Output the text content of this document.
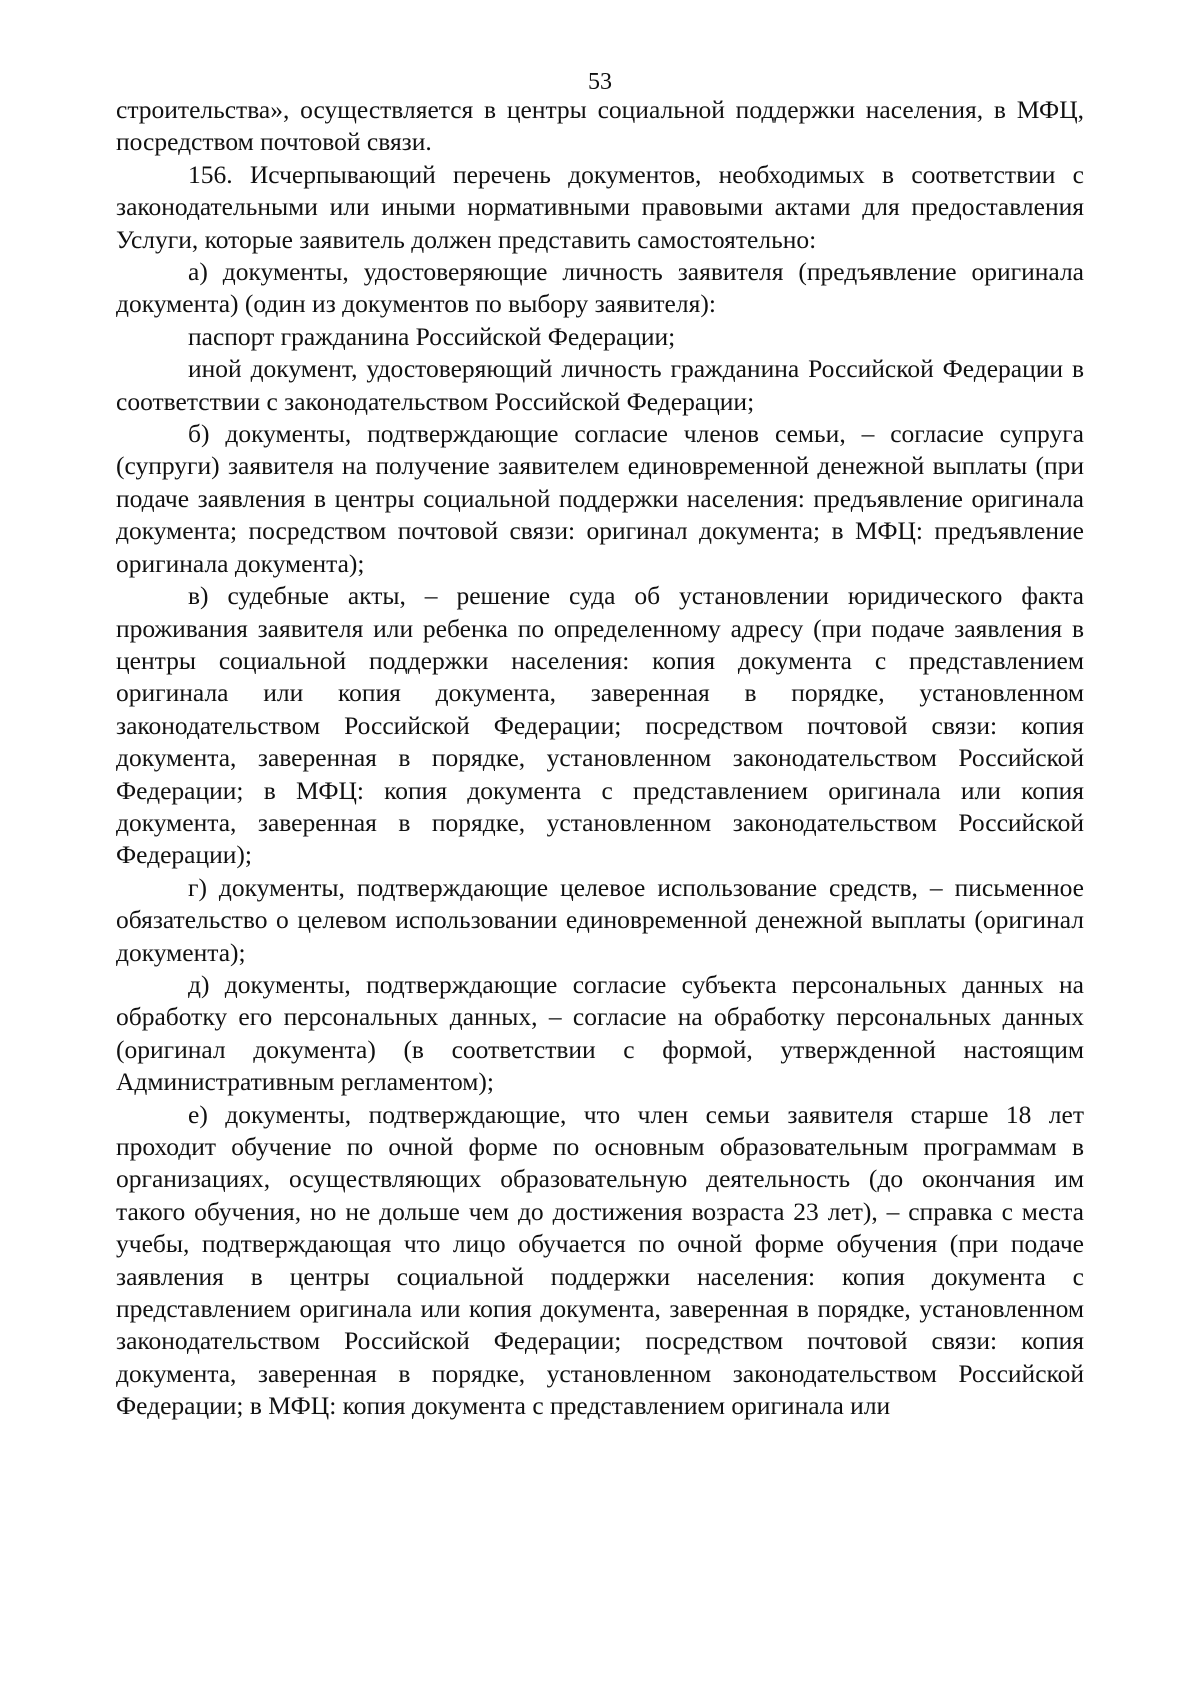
53

строительства», осуществляется в центры социальной поддержки населения, в МФЦ, посредством почтовой связи.

156. Исчерпывающий перечень документов, необходимых в соответствии с законодательными или иными нормативными правовыми актами для предоставления Услуги, которые заявитель должен представить самостоятельно:

а) документы, удостоверяющие личность заявителя (предъявление оригинала документа) (один из документов по выбору заявителя):

паспорт гражданина Российской Федерации;

иной документ, удостоверяющий личность гражданина Российской Федерации в соответствии с законодательством Российской Федерации;

б) документы, подтверждающие согласие членов семьи, – согласие супруга (супруги) заявителя на получение заявителем единовременной денежной выплаты (при подаче заявления в центры социальной поддержки населения: предъявление оригинала документа; посредством почтовой связи: оригинал документа; в МФЦ: предъявление оригинала документа);

в) судебные акты, – решение суда об установлении юридического факта проживания заявителя или ребенка по определенному адресу (при подаче заявления в центры социальной поддержки населения: копия документа с представлением оригинала или копия документа, заверенная в порядке, установленном законодательством Российской Федерации; посредством почтовой связи: копия документа, заверенная в порядке, установленном законодательством Российской Федерации; в МФЦ: копия документа с представлением оригинала или копия документа, заверенная в порядке, установленном законодательством Российской Федерации);

г) документы, подтверждающие целевое использование средств, – письменное обязательство о целевом использовании единовременной денежной выплаты (оригинал документа);

д) документы, подтверждающие согласие субъекта персональных данных на обработку его персональных данных, – согласие на обработку персональных данных (оригинал документа) (в соответствии с формой, утвержденной настоящим Административным регламентом);

е) документы, подтверждающие, что член семьи заявителя старше 18 лет проходит обучение по очной форме по основным образовательным программам в организациях, осуществляющих образовательную деятельность (до окончания им такого обучения, но не дольше чем до достижения возраста 23 лет), – справка с места учебы, подтверждающая что лицо обучается по очной форме обучения (при подаче заявления в центры социальной поддержки населения: копия документа с представлением оригинала или копия документа, заверенная в порядке, установленном законодательством Российской Федерации; посредством почтовой связи: копия документа, заверенная в порядке, установленном законодательством Российской Федерации; в МФЦ: копия документа с представлением оригинала или
